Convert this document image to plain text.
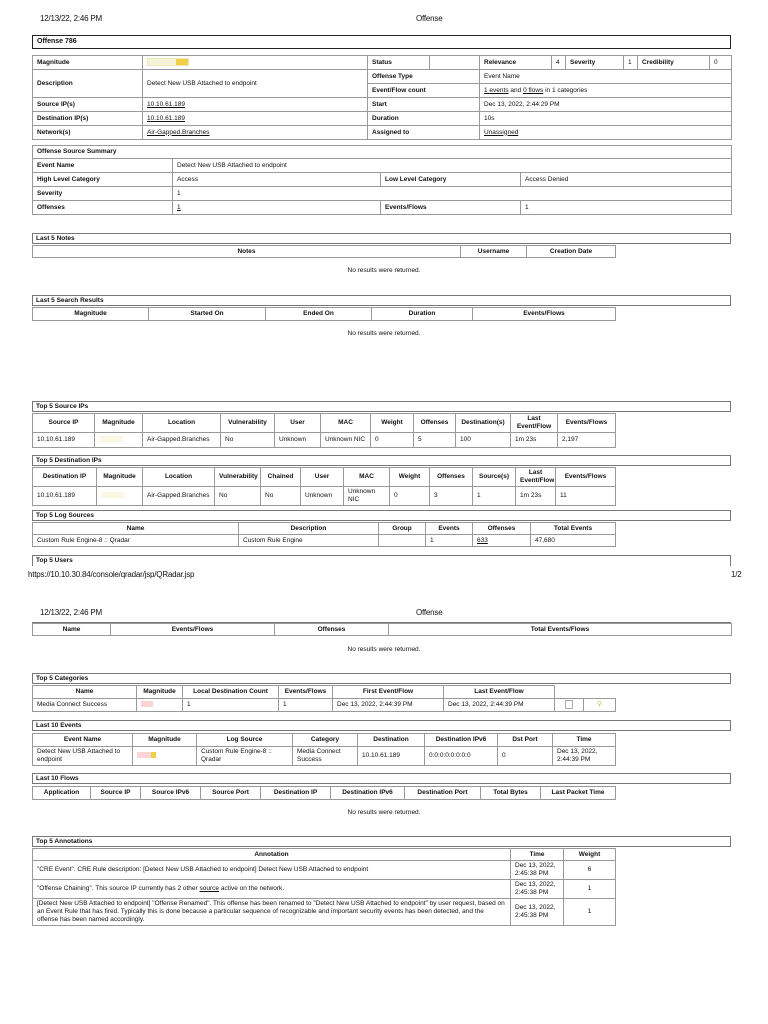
12/13/22, 2:46 PM	Offense
Offense 786
Magnitude		Status		Relevance	4	Severity	1	Credibility	0
Description	Detect New USB Attached to endpoint	Offense Type		Event Name					
		Event/Flow count		1 events and 0 flows in 1 categories					
Source IP(s)	10.10.61.189	Start		Dec 13, 2022, 2:44:29 PM					
Destination IP(s)	10.10.61.189	Duration		10s					
Network(s)	Air-Gapped.Branches	Assigned to		Unassigned					
Offense Source Summary			
Event Name	Detect New USB Attached to endpoint		
High Level Category	Access	Low Level Category	Access Denied
Severity	1		
Offenses	1	Events/Flows	1
Last 5 Notes
Notes	Username	Creation Date
No results were returned.
Last 5 Search Results
Magnitude	Started On	Ended On	Duration	Events/Flows
No results were returned.
Top 5 Source IPs
Source IP	Magnitude	Location	Vulnerability	User	MAC	Weight	Offenses	Destination(s)	Last Event/Flow	Events/Flows
10.10.61.189		Air-Gapped.Branches	No	Unknown	Unknown NIC	0	5	100	1m 23s	2,197
Top 5 Destination IPs
Destination IP	Magnitude	Location	Vulnerability	Chained	User	MAC	Weight	Offenses	Source(s)	Last Event/Flow	Events/Flows
10.10.61.189		Air-Gapped.Branches	No	No	Unknown	Unknown NIC	0	3	1	1m 23s	11
Top 5 Log Sources
Name	Description	Group	Events	Offenses	Total Events
Custom Rule Engine-8 :: Qradar	Custom Rule Engine		1	633	47,680
Top 5 Users
https://10.10.30.84/console/qradar/jsp/QRadar.jsp	1/2
12/13/22, 2:46 PM	Offense
Name	Events/Flows	Offenses	Total Events/Flows
No results were returned.
Top 5 Categories
Name	Magnitude	Local Destination Count	Events/Flows	First Event/Flow	Last Event/Flow		
Media Connect Success		1	1	Dec 13, 2022, 2:44:39 PM	Dec 13, 2022, 2:44:39 PM		⚲
Last 10 Events
Event Name	Magnitude	Log Source	Category	Destination	Destination IPv6	Dst Port	Time
Detect New USB Attached to endpoint		Custom Rule Engine-8 :: Qradar	Media Connect Success	10.10.61.189	0:0:0:0:0:0:0:0	0	Dec 13, 2022, 2:44:39 PM
Last 10 Flows
Application	Source IP	Source IPv6	Source Port	Destination IP	Destination IPv6	Destination Port	Total Bytes	Last Packet Time
No results were returned.
Top 5 Annotations
Annotation	Time	Weight
"CRE Event". CRE Rule description: [Detect New USB Attached to endpoint] Detect New USB Attached to endpoint	Dec 13, 2022, 2:45:38 PM	6
"Offense Chaining". This source IP currently has 2 other source active on the network.	Dec 13, 2022, 2:45:38 PM	1
[Detect New USB Attached to endpoint] "Offense Renamed". This offense has been renamed to "Detect New USB Attached to endpoint" by user request, based on an Event Rule that has fired. Typically this is done because a particular sequence of recognizable and important security events has been detected, and the offense has been named accordingly.	Dec 13, 2022, 2:45:38 PM	1
